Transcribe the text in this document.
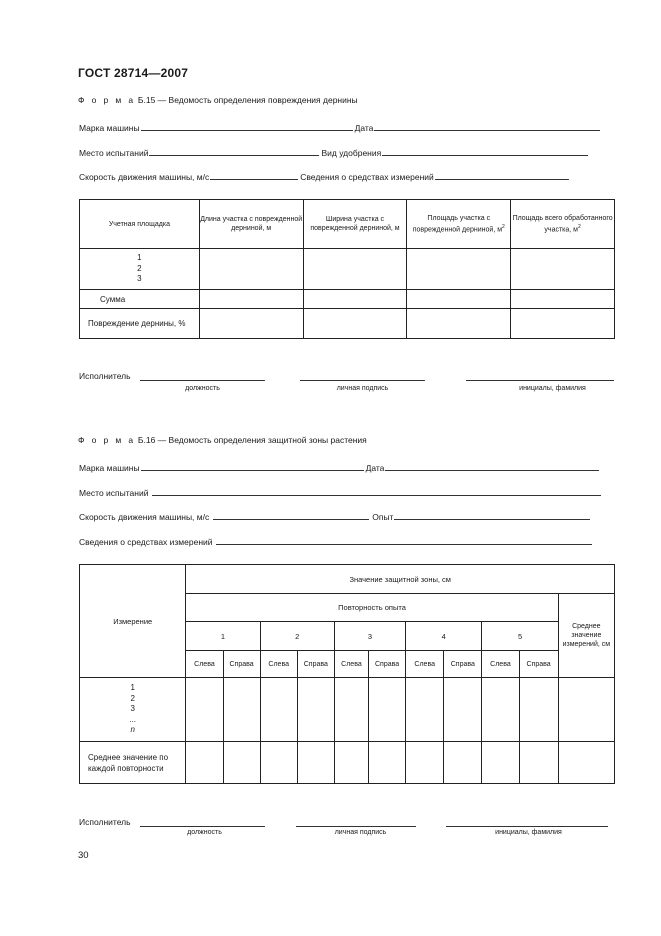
ГОСТ 28714—2007
Ф о р м а Б.15 — Ведомость определения повреждения дернины
Марка машины	Дата
Место испытаний	Вид удобрения
Скорость движения машины, м/с	Сведения о средствах измерений
Учетная площадка	Длина участка с поврежденной дерниной, м	Ширина участка с поврежденной дерниной, м	Площадь участка с поврежденной дерниной, $м^2$	Площадь всего обработанного участка, $м^2$

1
2
3				

Сумма				
Повреждение дернины, %				
Исполнитель
должность	личная подпись	инициалы, фамилия
Ф о р м а Б.16 — Ведомость определения защитной зоны растения
Марка машины	Дата
Место испытаний
Скорость движения машины, м/с	Опыт
Сведения о средствах измерений
Измерение	Значение защитной зоны, см										
	Повторность опыта										Среднее значение измерений, см
	1		2		3		4		5		
	Слева	Справа	Слева	Справа	Слева	Справа	Слева	Справа	Слева	Справа	

1
2
3
...
n											

Среднее значение по каждой повторности											
Исполнитель
должность	личная подпись	инициалы, фамилия
30
